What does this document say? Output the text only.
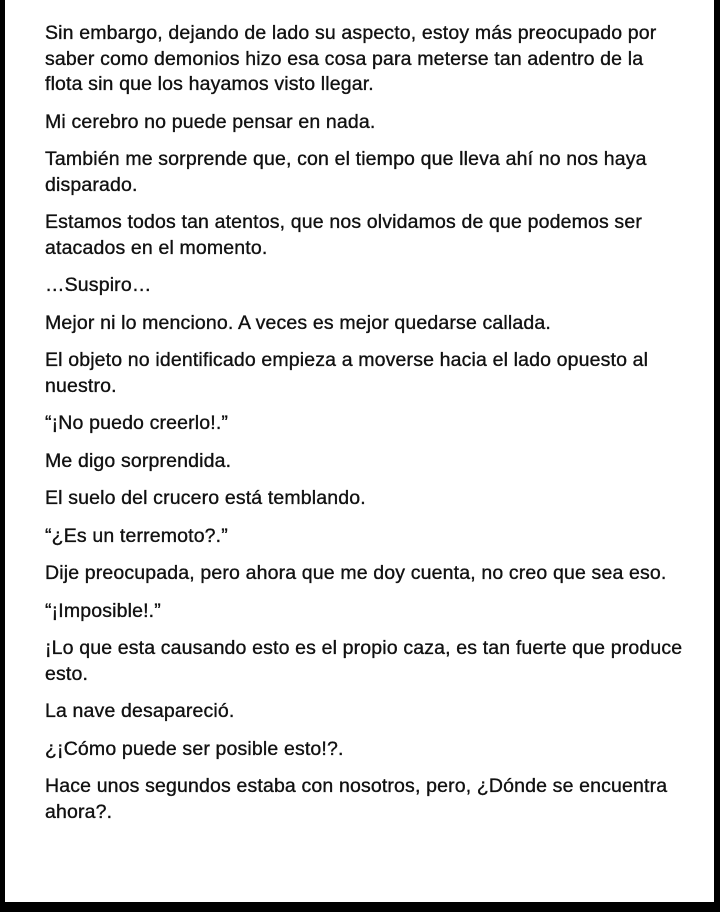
Sin embargo, dejando de lado su aspecto, estoy más preocupado por saber como demonios hizo esa cosa para meterse tan adentro de la flota sin que los hayamos visto llegar.

Mi cerebro no puede pensar en nada.

También me sorprende que, con el tiempo que lleva ahí no nos haya disparado.

Estamos todos tan atentos, que nos olvidamos de que podemos ser atacados en el momento.

…Suspiro…

Mejor ni lo menciono. A veces es mejor quedarse callada.

El objeto no identificado empieza a moverse hacia el lado opuesto al nuestro.

“¡No puedo creerlo!.”

Me digo sorprendida.

El suelo del crucero está temblando.

“¿Es un terremoto?.”

Dije preocupada, pero ahora que me doy cuenta, no creo que sea eso.

“¡Imposible!.”

¡Lo que esta causando esto es el propio caza, es tan fuerte que produce esto.

La nave desapareció.

¿¡Cómo puede ser posible esto!?.

Hace unos segundos estaba con nosotros, pero, ¿Dónde se encuentra ahora?.
